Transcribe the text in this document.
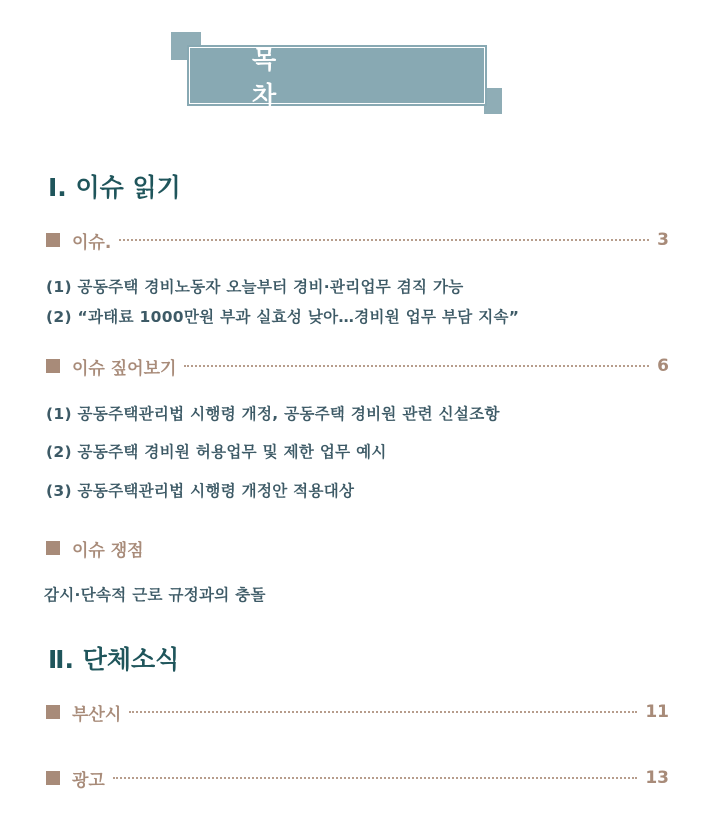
목 차
Ⅰ. 이슈 읽기
이슈.	3
(1) 공동주택 경비노동자 오늘부터 경비·관리업무 겸직 가능
(2) “과태료 1000만원 부과 실효성 낮아…경비원 업무 부담 지속”
이슈 짚어보기	6
(1) 공동주택관리법 시행령 개정, 공동주택 경비원 관련 신설조항
(2) 공동주택 경비원 허용업무 및 제한 업무 예시
(3) 공동주택관리법 시행령 개정안 적용대상
이슈 쟁점
감시·단속적 근로 규정과의 충돌
Ⅱ. 단체소식
부산시	11
광고	13
